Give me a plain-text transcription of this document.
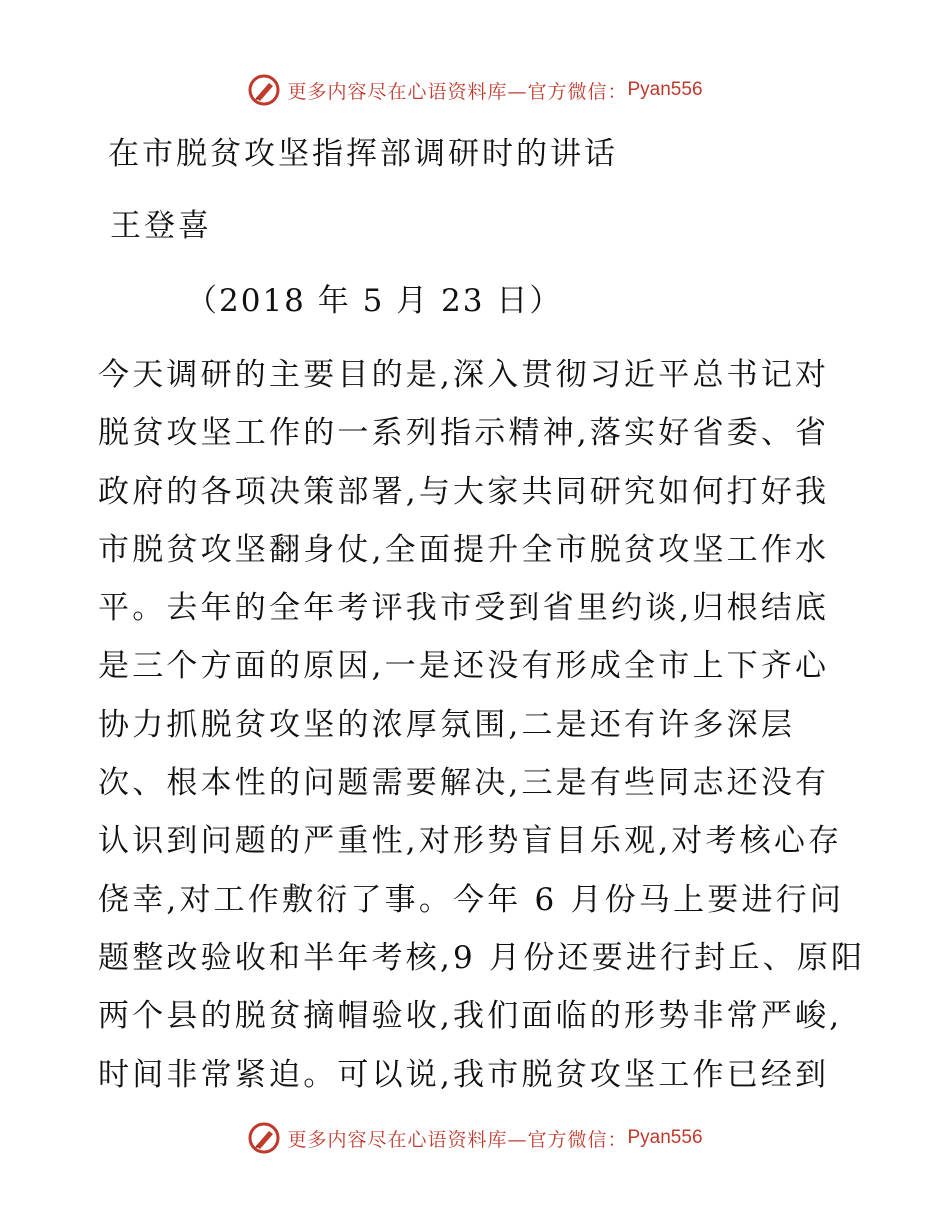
更多内容尽在心语资料库—官方微信： Pyan556
在市脱贫攻坚指挥部调研时的讲话
王登喜
（2018 年 5 月 23 日）
今天调研的主要目的是,深入贯彻习近平总书记对
脱贫攻坚工作的一系列指示精神,落实好省委、省
政府的各项决策部署,与大家共同研究如何打好我
市脱贫攻坚翻身仗,全面提升全市脱贫攻坚工作水
平。去年的全年考评我市受到省里约谈,归根结底
是三个方面的原因,一是还没有形成全市上下齐心
协力抓脱贫攻坚的浓厚氛围,二是还有许多深层
次、根本性的问题需要解决,三是有些同志还没有
认识到问题的严重性,对形势盲目乐观,对考核心存
侥幸,对工作敷衍了事。今年 6 月份马上要进行问
题整改验收和半年考核,9 月份还要进行封丘、原阳
两个县的脱贫摘帽验收,我们面临的形势非常严峻,
时间非常紧迫。可以说,我市脱贫攻坚工作已经到
更多内容尽在心语资料库—官方微信： Pyan556
